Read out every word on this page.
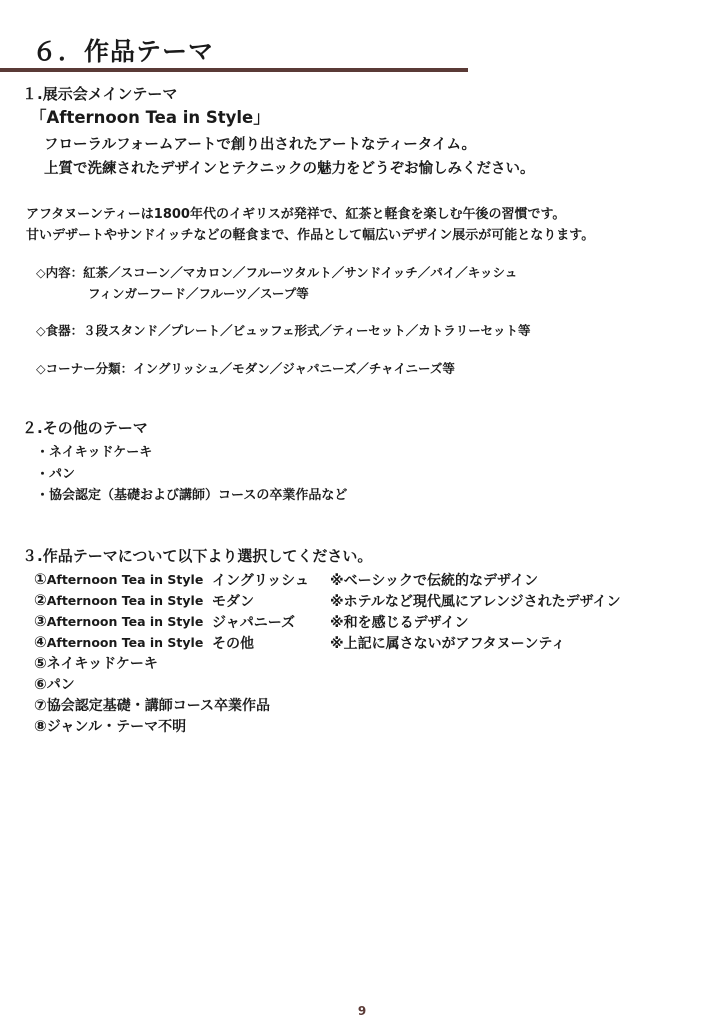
６．作品テーマ
１.展示会メインテーマ
「Afternoon Tea in Style」
フローラルフォームアートで創り出されたアートなティータイム。
上質で洗練されたデザインとテクニックの魅力をどうぞお愉しみください。
アフタヌーンティーは1800年代のイギリスが発祥で、紅茶と軽食を楽しむ午後の習慣です。
甘いデザートやサンドイッチなどの軽食まで、作品として幅広いデザイン展示が可能となります。
◇内容：紅茶／スコーン／マカロン／フルーツタルト／サンドイッチ／パイ／キッシュ
フィンガーフード／フルーツ／スープ等
◇食器：３段スタンド／プレート／ビュッフェ形式／ティーセット／カトラリーセット等
◇コーナー分類：イングリッシュ／モダン／ジャパニーズ／チャイニーズ等
２.その他のテーマ
・ネイキッドケーキ
・パン
・協会認定（基礎および講師）コースの卒業作品など
３.作品テーマについて以下より選択してください。
①Afternoon Tea in Style イングリッシュ ※ベーシックで伝統的なデザイン
②Afternoon Tea in Style モダン	※ホテルなど現代風にアレンジされたデザイン
③Afternoon Tea in Style ジャパニーズ ※和を感じるデザイン
④Afternoon Tea in Style その他	※上記に属さないがアフタヌーンティ
⑤ネイキッドケーキ
⑥パン
⑦協会認定基礎・講師コース卒業作品
⑧ジャンル・テーマ不明
9
